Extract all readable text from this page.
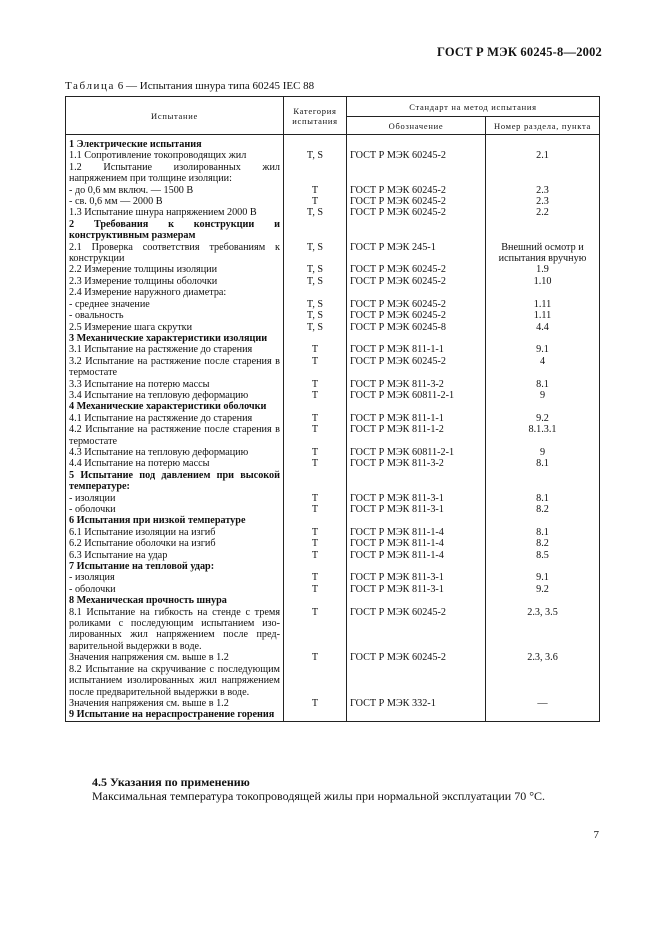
ГОСТ Р МЭК 60245-8—2002
Таблица 6 — Испытания шнура типа 60245 IEC 88
Испытание	Категория испытания	Стандарт на метод испытания	
		Обозначение	Номер раздела, пункта
1 Электрические испытания			
1.1 Сопротивление токопроводящих жил	T, S	ГОСТ Р МЭК 60245-2	2.1
1.2 Испытание изолированных жил напряжением при толщине изоляции:			
- до 0,6 мм включ. — 1500 В	T	ГОСТ Р МЭК 60245-2	2.3
- св. 0,6 мм — 2000 В	T	ГОСТ Р МЭК 60245-2	2.3
1.3 Испытание шнура напряжением 2000 В	T, S	ГОСТ Р МЭК 60245-2	2.2
2 Требования к конструкции и конструктивным размерам			
2.1 Проверка соответствия требованиям к конструкции	T, S	ГОСТ Р МЭК 245-1	Внешний осмотр и испытания вручную
2.2 Измерение толщины изоляции	T, S	ГОСТ Р МЭК 60245-2	1.9
2.3 Измерение толщины оболочки	T, S	ГОСТ Р МЭК 60245-2	1.10
2.4 Измерение наружного диаметра:			
- среднее значение	T, S	ГОСТ Р МЭК 60245-2	1.11
- овальность	T, S	ГОСТ Р МЭК 60245-2	1.11
2.5 Измерение шага скрутки	T, S	ГОСТ Р МЭК 60245-8	4.4
3 Механические характеристики изоляции			
3.1 Испытание на растяжение до старения	T	ГОСТ Р МЭК 811-1-1	9.1
3.2 Испытание на растяжение после старения в термостате	T	ГОСТ Р МЭК 60245-2	4
3.3 Испытание на потерю массы	T	ГОСТ Р МЭК 811-3-2	8.1
3.4 Испытание на тепловую деформацию	T	ГОСТ Р МЭК 60811-2-1	9
4 Механические характеристики оболочки			
4.1 Испытание на растяжение до старения	T	ГОСТ Р МЭК 811-1-1	9.2
4.2 Испытание на растяжение после старения в термостате	T	ГОСТ Р МЭК 811-1-2	8.1.3.1
4.3 Испытание на тепловую деформацию	T	ГОСТ Р МЭК 60811-2-1	9
4.4 Испытание на потерю массы	T	ГОСТ Р МЭК 811-3-2	8.1
5 Испытание под давлением при высокой температуре:			
- изоляции	T	ГОСТ Р МЭК 811-3-1	8.1
- оболочки	T	ГОСТ Р МЭК 811-3-1	8.2
6 Испытания при низкой температуре			
6.1 Испытание изоляции на изгиб	T	ГОСТ Р МЭК 811-1-4	8.1
6.2 Испытание оболочки на изгиб	T	ГОСТ Р МЭК 811-1-4	8.2
6.3 Испытание на удар	T	ГОСТ Р МЭК 811-1-4	8.5
7 Испытание на тепловой удар:			
- изоляция	T	ГОСТ Р МЭК 811-3-1	9.1
- оболочки	T	ГОСТ Р МЭК 811-3-1	9.2
8 Механическая прочность шнура			
8.1 Испытание на гибкость на стенде с тремя роликами с последующим испытанием изо- лированных жил напряжением после пред- варительной выдержки в воде.	T	ГОСТ Р МЭК 60245-2	2.3, 3.5
Значения напряжения см. выше в 1.2	T	ГОСТ Р МЭК 60245-2	2.3, 3.6
8.2 Испытание на скручивание с последующим испытанием изолированных жил напряжением после предварительной выдержки в воде.			
Значения напряжения см. выше в 1.2	T	ГОСТ Р МЭК 332-1	—
9 Испытание на нераспространение горения			
4.5 Указания по применению
Максимальная температура токопроводящей жилы при нормальной эксплуатации 70 °С.
7
